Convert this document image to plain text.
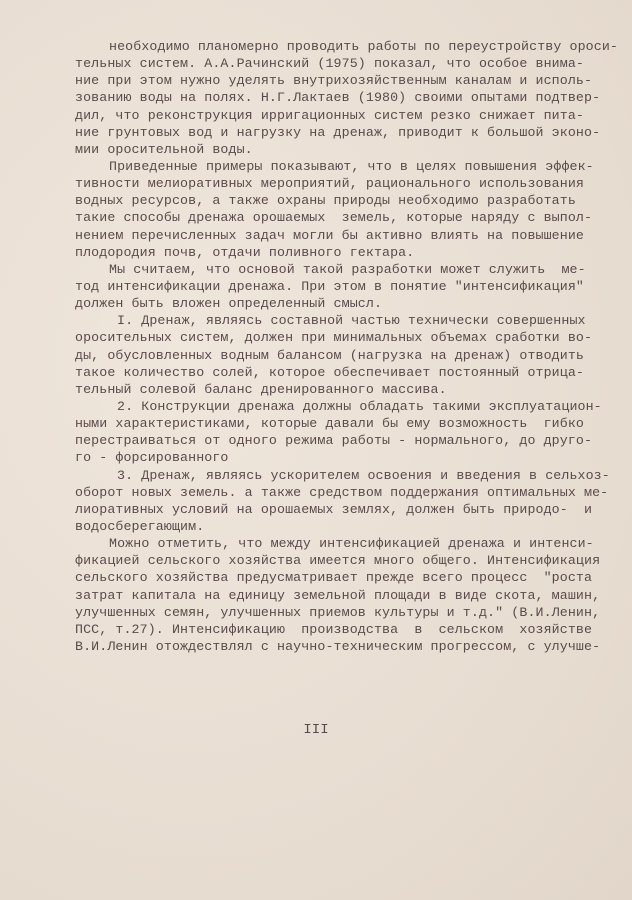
необходимо планомерно проводить работы по переустройству ороси-
тельных систем. А.А.Рачинский (1975) показал, что особое внима-
ние при этом нужно уделять внутрихозяйственным каналам и исполь-
зованию воды на полях. Н.Г.Лактаев (1980) своими опытами подтвер-
дил, что реконструкция ирригационных систем резко снижает пита-
ние грунтовых вод и нагрузку на дренаж, приводит к большой эконо-
мии оросительной воды.
Приведенные примеры показывают, что в целях повышения эффек-
тивности мелиоративных мероприятий, рационального использования
водных ресурсов, а также охраны природы необходимо разработать
такие способы дренажа орошаемых  земель, которые наряду с выпол-
нением перечисленных задач могли бы активно влиять на повышение
плодородия почв, отдачи поливного гектара.
Мы считаем, что основой такой разработки может служить  ме-
тод интенсификации дренажа. При этом в понятие "интенсификация"
должен быть вложен определенный смысл.
I. Дренаж, являясь составной частью технически совершенных
оросительных систем, должен при минимальных объемах сработки во-
ды, обусловленных водным балансом (нагрузка на дренаж) отводить
такое количество солей, которое обеспечивает постоянный отрица-
тельный солевой баланс дренированного массива.
2. Конструкции дренажа должны обладать такими эксплуатацион-
ными характеристиками, которые давали бы ему возможность  гибко
перестраиваться от одного режима работы - нормального, до друго-
го - форсированного
3. Дренаж, являясь ускорителем освоения и введения в сельхоз-
оборот новых земель. а также средством поддержания оптимальных ме-
лиоративных условий на орошаемых землях, должен быть природо-  и
водосберегающим.
Можно отметить, что между интенсификацией дренажа и интенси-
фикацией сельского хозяйства имеется много общего. Интенсификация
сельского хозяйства предусматривает прежде всего процесс  "роста
затрат капитала на единицу земельной площади в виде скота, машин,
улучшенных семян, улучшенных приемов культуры и т.д." (В.И.Ленин,
ПСС, т.27). Интенсификацию  производства  в  сельском  хозяйстве
В.И.Ленин отождествлял с научно-техническим прогрессом, с улучше-
III
